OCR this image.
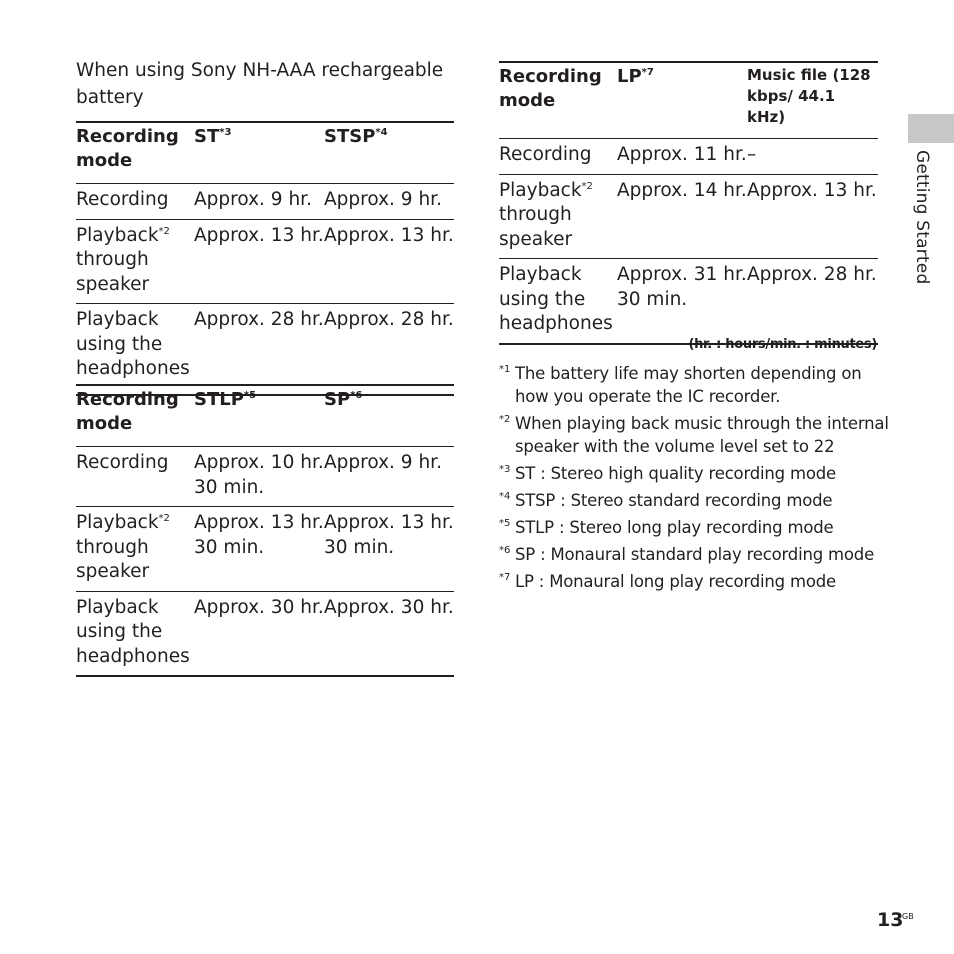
When using Sony NH-AAA rechargeable battery
Recording mode	ST$^{*3}$	STSP$^{*4}$
Recording	Approx. 9 hr.	Approx. 9 hr.
Playback$^{*2}$
through speaker	Approx. 13 hr.	Approx. 13 hr.
Playback using the headphones	Approx. 28 hr.	Approx. 28 hr.
Recording mode	STLP$^{*5}$	SP$^{*6}$
Recording	Approx. 10 hr. 30 min.	Approx. 9 hr.
Playback$^{*2}$
through speaker	Approx. 13 hr. 30 min.	Approx. 13 hr. 30 min.
Playback using the headphones	Approx. 30 hr.	Approx. 30 hr.
Recording mode	LP$^{*7}$	Music file (128 kbps/ 44.1 kHz)
Recording	Approx. 11 hr.	–
Playback$^{*2}$
through speaker	Approx. 14 hr.	Approx. 13 hr.
Playback using the headphones	Approx. 31 hr. 30 min.	Approx. 28 hr.
(hr. : hours/min. : minutes)
*1 The battery life may shorten depending on how you operate the IC recorder.
*2 When playing back music through the internal speaker with the volume level set to 22
*3 ST : Stereo high quality recording mode
*4 STSP : Stereo standard recording mode
*5 STLP : Stereo long play recording mode
*6 SP : Monaural standard play recording mode
*7 LP : Monaural long play recording mode
Getting Started
13
GB
